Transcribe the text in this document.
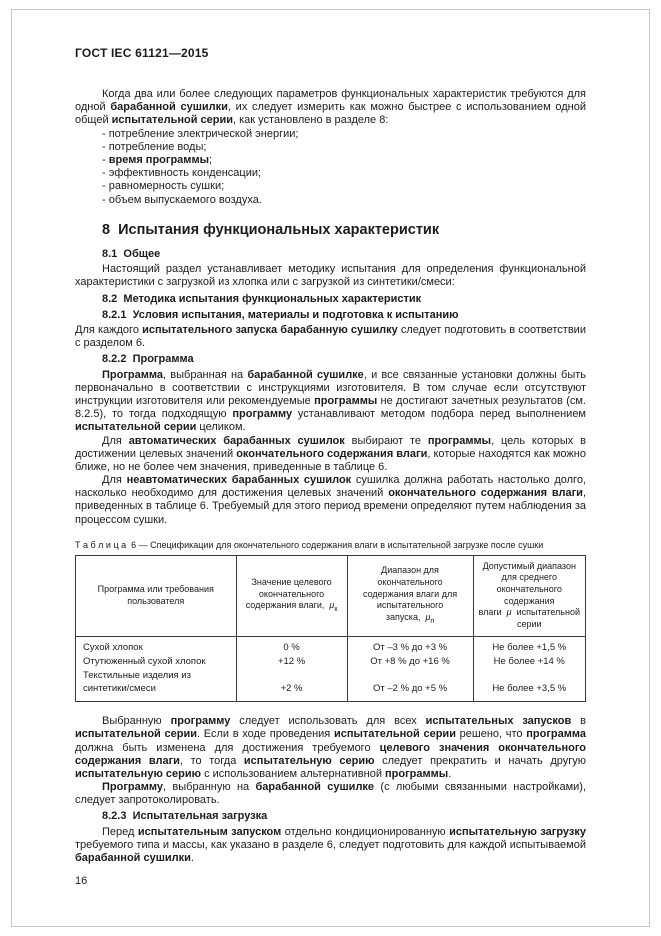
ГОСТ IEC 61121—2015
Когда два или более следующих параметров функциональных характеристик требуются для одной барабанной сушилки, их следует измерить как можно быстрее с использованием одной общей испытательной серии, как установлено в разделе 8:
- потребление электрической энергии;
- потребление воды;
- время программы;
- эффективность конденсации;
- равномерность сушки;
- объем выпускаемого воздуха.
8  Испытания функциональных характеристик
8.1  Общее
Настоящий раздел устанавливает методику испытания для определения функциональной характеристики с загрузкой из хлопка или с загрузкой из синтетики/смеси:
8.2  Методика испытания функциональных характеристик
8.2.1  Условия испытания, материалы и подготовка к испытанию
Для каждого испытательного запуска барабанную сушилку следует подготовить в соответствии с разделом 6.
8.2.2  Программа
Программа, выбранная на барабанной сушилке, и все связанные установки должны быть первоначально в соответствии с инструкциями изготовителя. В том случае если отсутствуют инструкции изготовителя или рекомендуемые программы не достигают зачетных результатов (см. 8.2.5), то тогда подходящую программу устанавливают методом подбора перед выполнением испытательной серии целиком.
Для автоматических барабанных сушилок выбирают те программы, цель которых в достижении целевых значений окончательного содержания влаги, которые находятся как можно ближе, но не более чем значения, приведенные в таблице 6.
Для неавтоматических барабанных сушилок сушилка должна работать настолько долго, насколько необходимо для достижения целевых значений окончательного содержания влаги, приведенных в таблице 6. Требуемый для этого период времени определяют путем наблюдения за процессом сушки.
Т а б л и ц а  6 — Спецификации для окончательного содержания влаги в испытательной загрузке после сушки
Программа или требования пользователя	Значение целевого окончательного содержания влаги,  $\mu_к$	Диапазон для окончательного содержания влаги для испытательного запуска,  $\mu_п$	Допустимый диапазон для среднего окончательного содержания влаги  μ  испытательной серии
Сухой хлопок	0 %	От –3 % до +3 %	Не более +1,5 %
Отутюженный сухой хлопок	+12 %	От +8 % до +16 %	Не более +14 %
Текстильные изделия из синтетики/смеси	+2 %	От –2 % до +5 %	Не более +3,5 %
Выбранную программу следует использовать для всех испытательных запусков в испытательной серии. Если в ходе проведения испытательной серии решено, что программа должна быть изменена для достижения требуемого целевого значения окончательного содержания влаги, то тогда испытательную серию следует прекратить и начать другую испытательную серию с использованием альтернативной программы.
Программу, выбранную на барабанной сушилке (с любыми связанными настройками), следует запротоколировать.
8.2.3  Испытательная загрузка
Перед испытательным запуском отдельно кондиционированную испытательную загрузку требуемого типа и массы, как указано в разделе 6, следует подготовить для каждой испытываемой барабанной сушилки.
16
